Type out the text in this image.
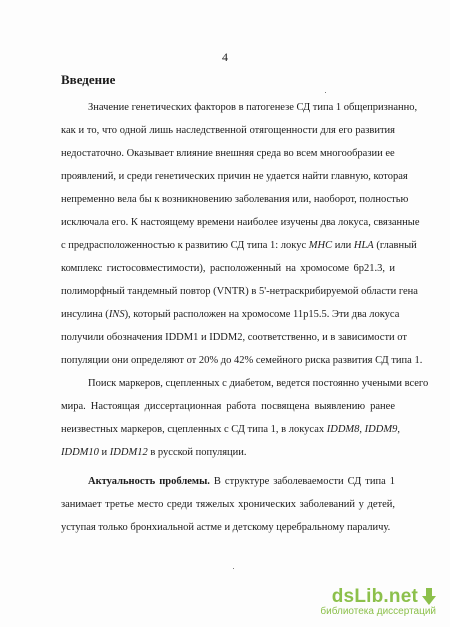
4
Введение
Значение генетических факторов в патогенезе СД типа 1 общепризнанно,
как и то, что одной лишь наследственной отягощенности для его развития
недостаточно. Оказывает влияние внешняя среда во всем многообразии ее
проявлений, и среди генетических причин не удается найти главную, которая
непременно вела бы к возникновению заболевания или, наоборот, полностью
исключала его. К настоящему времени наиболее изучены два локуса, связанные
с предрасположенностью к развитию СД типа 1: локус MHC или HLA (главный
комплекс гистосовместимости), расположенный на хромосоме 6p21.3, и
полиморфный тандемный повтор (VNTR) в 5'-нетраскрибируемой области гена
инсулина (INS), который расположен на хромосоме 11p15.5. Эти два локуса
получили обозначения IDDM1 и IDDM2, соответственно, и в зависимости от
популяции они определяют от 20% до 42% семейного риска развития СД типа 1.
Поиск маркеров, сцепленных с диабетом, ведется постоянно учеными всего
мира. Настоящая диссертационная работа посвящена выявлению ранее
неизвестных маркеров, сцепленных с СД типа 1, в локусах IDDM8, IDDM9,
IDDM10 и IDDM12 в русской популяции.
Актуальность проблемы. В структуре заболеваемости СД типа 1
занимает третье место среди тяжелых хронических заболеваний у детей,
уступая только бронхиальной астме и детскому церебральному параличу.
dsLib.net
библиотека диссертаций
